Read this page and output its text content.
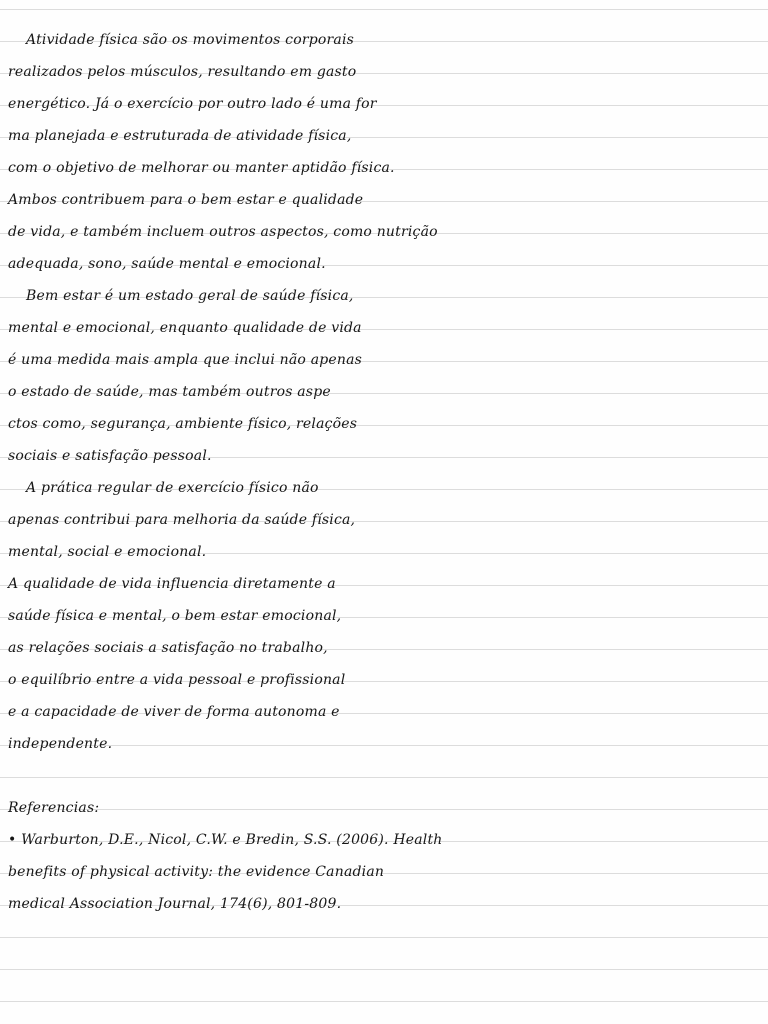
Atividade física são os movimentos corporais
realizados pelos músculos, resultando em gasto
energético. Já o exercício por outro lado é uma for
ma planejada e estruturada de atividade física,
com o objetivo de melhorar ou manter aptidão física.
Ambos contribuem para o bem estar e qualidade
de vida, e também incluem outros aspectos, como nutrição
adequada, sono, saúde mental e emocional.
Bem estar é um estado geral de saúde física,
mental e emocional, enquanto qualidade de vida
é uma medida mais ampla que inclui não apenas
o estado de saúde, mas também outros aspe
ctos como, segurança, ambiente físico, relações
sociais e satisfação pessoal.
A prática regular de exercício físico não
apenas contribui para melhoria da saúde física,
mental, social e emocional.
A qualidade de vida influencia diretamente a
saúde física e mental, o bem estar emocional,
as relações sociais a satisfação no trabalho,
o equilíbrio entre a vida pessoal e profissional
e a capacidade de viver de forma autonoma e
independente.
Referencias:
• Warburton, D.E., Nicol, C.W. e Bredin, S.S. (2006). Health
benefits of physical activity: the evidence Canadian
medical Association Journal, 174(6), 801-809.
